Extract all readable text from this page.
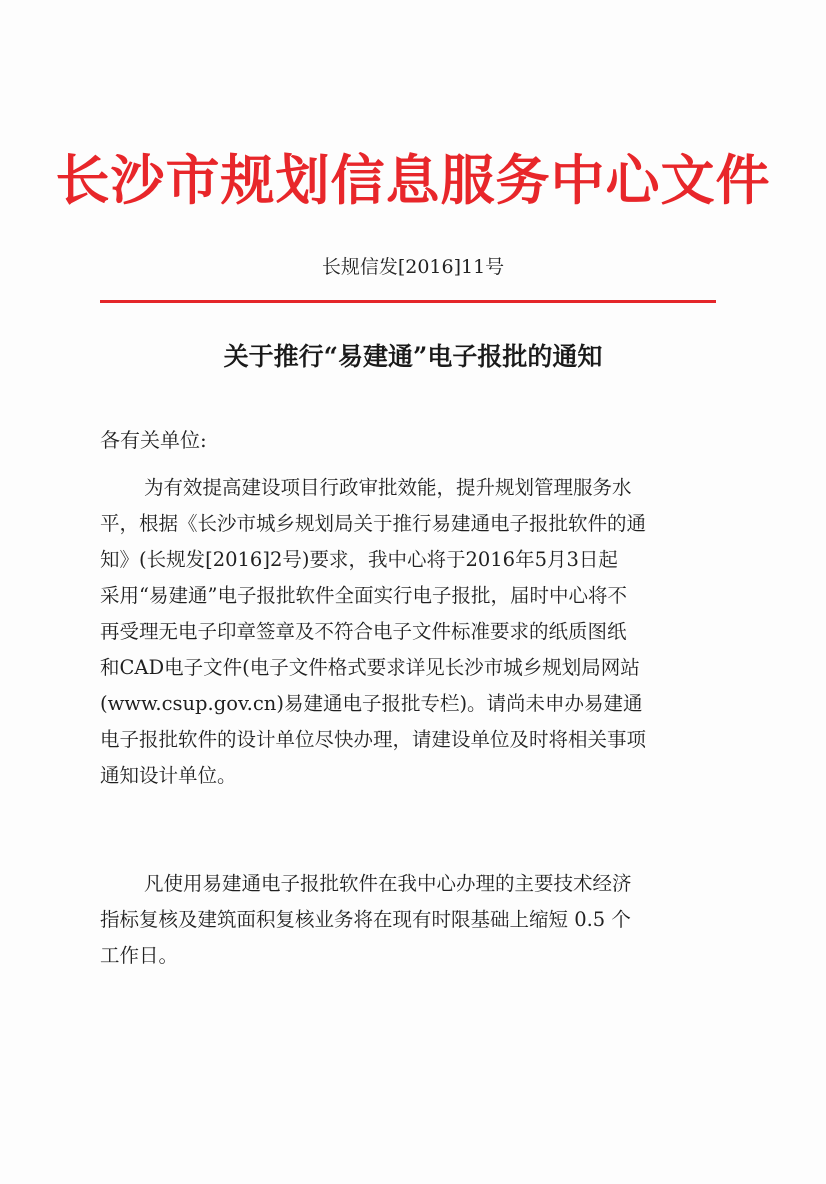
长沙市规划信息服务中心文件
长规信发[2016]11号
关于推行“易建通”电子报批的通知
各有关单位:
为有效提高建设项目行政审批效能，提升规划管理服务水
平，根据《长沙市城乡规划局关于推行易建通电子报批软件的通
知》(长规发[2016]2号)要求，我中心将于2016年5月3日起
采用“易建通”电子报批软件全面实行电子报批，届时中心将不
再受理无电子印章签章及不符合电子文件标准要求的纸质图纸
和CAD电子文件(电子文件格式要求详见长沙市城乡规划局网站
(www.csup.gov.cn)易建通电子报批专栏)。请尚未申办易建通
电子报批软件的设计单位尽快办理，请建设单位及时将相关事项
通知设计单位。
凡使用易建通电子报批软件在我中心办理的主要技术经济
指标复核及建筑面积复核业务将在现有时限基础上缩短 0.5 个
工作日。
